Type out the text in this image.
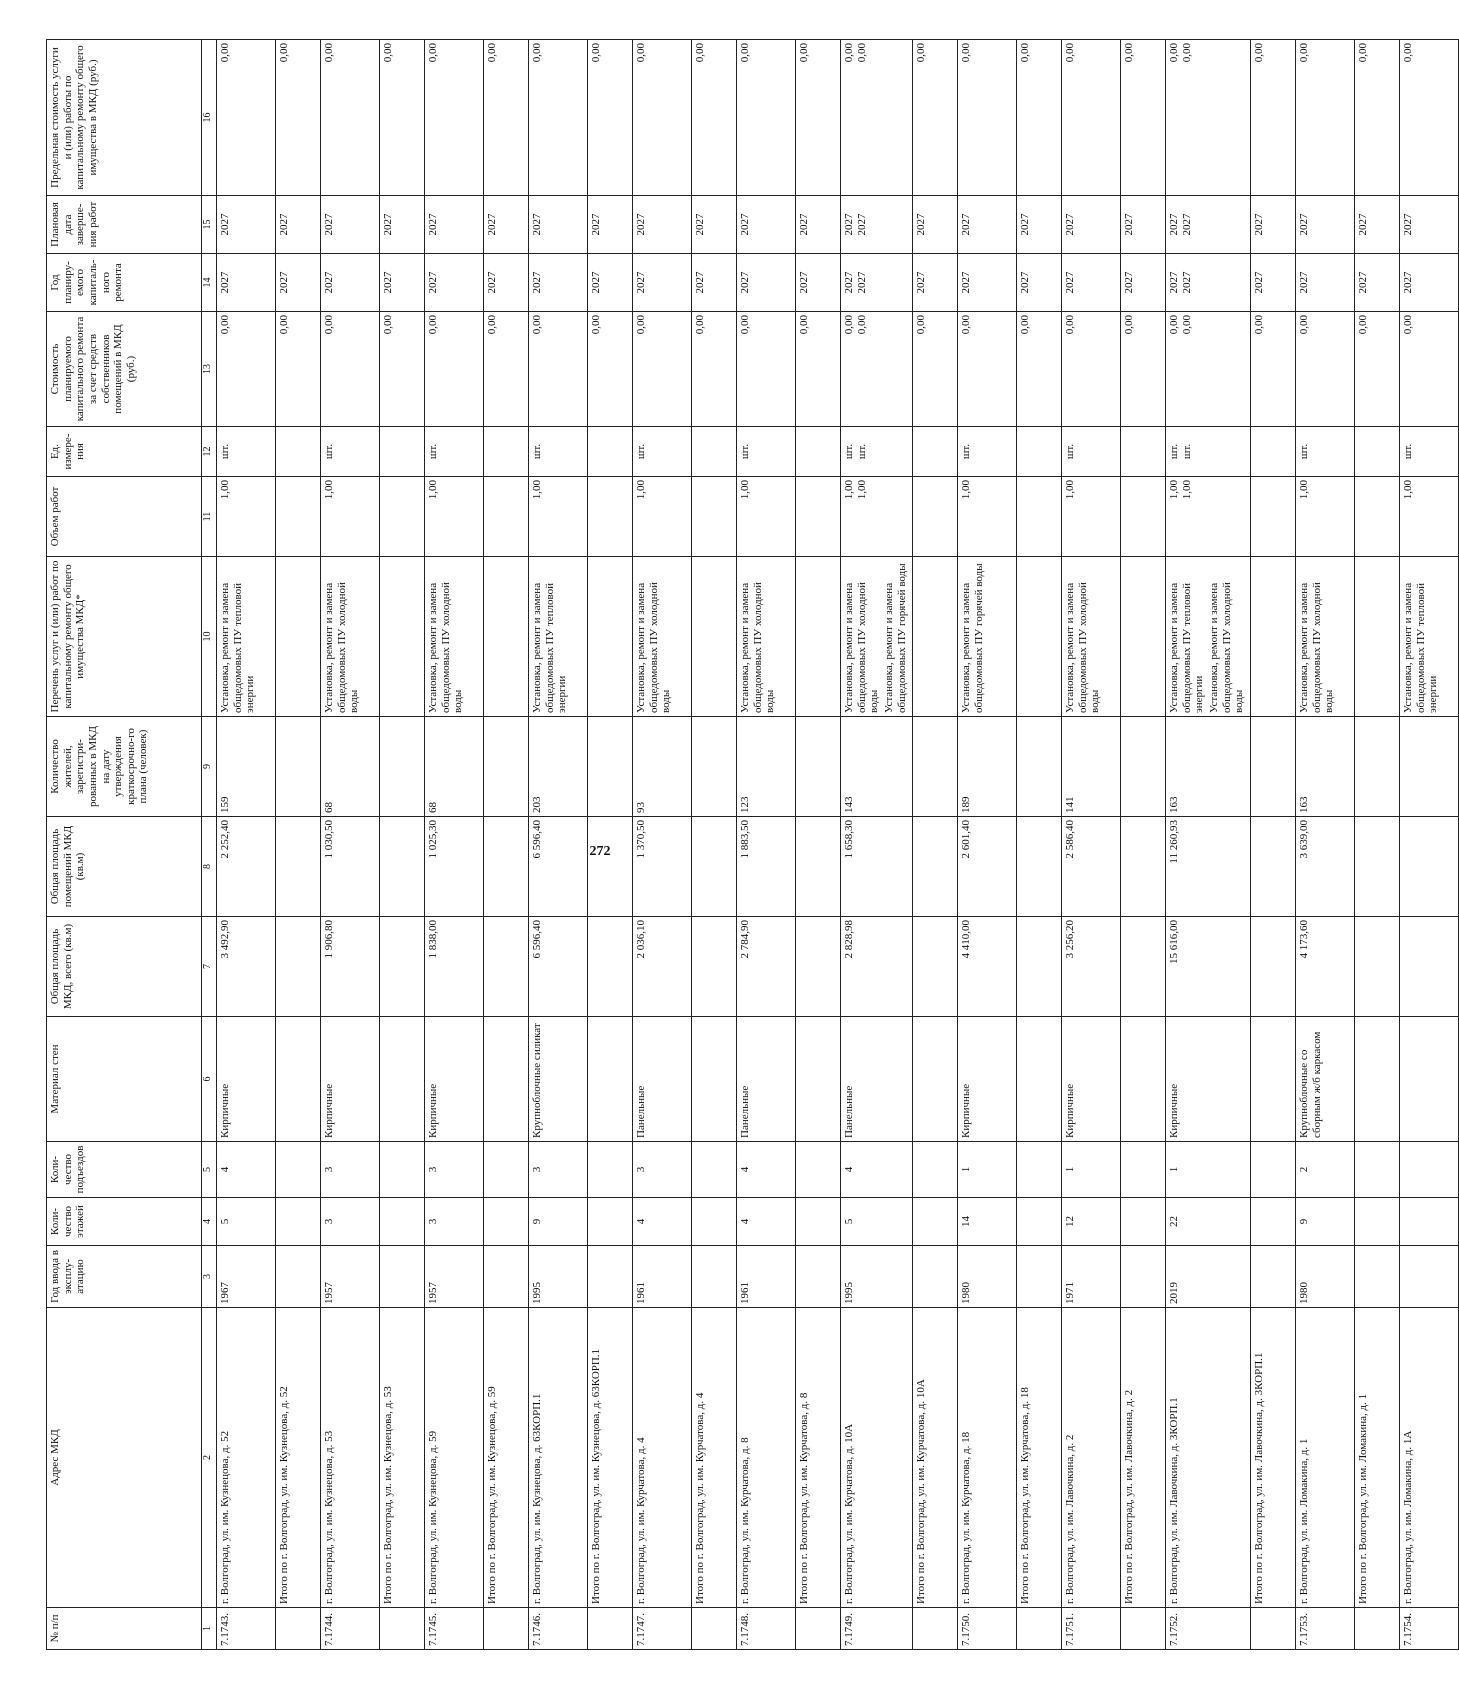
272
№ п/п	Адрес МКД	Год ввода в эксплу-атацию	Коли-чество этажей	Коли-чество подъездов	Материал стен	Общая площадь МКД, всего (кв.м)	Общая площадь помещений МКД (кв.м)	Количество жителей, зарегистри-рованных в МКД на дату утверждения краткосрочно-го плана (человек)	Перечень услуг и (или) работ по капитальному ремонту общего имущества МКД*	Объем работ	Ед. измере-ния	Стоимость планируемого капитального ремонта за счет средств собственников помещений в МКД (руб.)	Год планиру-емого капиталь-ного ремонта	Плановая дата заверше-ния работ	Предельная стоимость услуги и (или) работы по капитальному ремонту общего имущества в МКД (руб.)
1	2	3	4	5	6	7	8	9	10	11	12	13	14	15	16
7.1743.	г. Волгоград, ул. им. Кузнецова, д. 52	1967	5	4	Кирпичные	3 492,90	2 252,40	159	Установка, ремонт и замена общедомовых ПУ тепловой энергии	1,00	шт.	0,00	2027	2027	0,00
	Итого по г. Волгоград, ул. им. Кузнецова, д. 52											0,00	2027	2027	0,00
7.1744.	г. Волгоград, ул. им. Кузнецова, д. 53	1957	3	3	Кирпичные	1 906,80	1 030,50	68	Установка, ремонт и замена общедомовых ПУ холодной воды	1,00	шт.	0,00	2027	2027	0,00
	Итого по г. Волгоград, ул. им. Кузнецова, д. 53											0,00	2027	2027	0,00
7.1745.	г. Волгоград, ул. им. Кузнецова, д. 59	1957	3	3	Кирпичные	1 838,00	1 025,30	68	Установка, ремонт и замена общедомовых ПУ холодной воды	1,00	шт.	0,00	2027	2027	0,00
	Итого по г. Волгоград, ул. им. Кузнецова, д. 59											0,00	2027	2027	0,00
7.1746.	г. Волгоград, ул. им. Кузнецова, д. 63КОРП.1	1995	9	3	Крупноблочные силикат	6 596,40	6 596,40	203	Установка, ремонт и замена общедомовых ПУ тепловой энергии	1,00	шт.	0,00	2027	2027	0,00
	Итого по г. Волгоград, ул. им. Кузнецова, д. 63КОРП.1											0,00	2027	2027	0,00
7.1747.	г. Волгоград, ул. им. Курчатова, д. 4	1961	4	3	Панельные	2 036,10	1 370,50	93	Установка, ремонт и замена общедомовых ПУ холодной воды	1,00	шт.	0,00	2027	2027	0,00
	Итого по г. Волгоград, ул. им. Курчатова, д. 4											0,00	2027	2027	0,00
7.1748.	г. Волгоград, ул. им. Курчатова, д. 8	1961	4	4	Панельные	2 784,90	1 883,50	123	Установка, ремонт и замена общедомовых ПУ холодной воды	1,00	шт.	0,00	2027	2027	0,00
	Итого по г. Волгоград, ул. им. Курчатова, д. 8											0,00	2027	2027	0,00
7.1749.	г. Волгоград, ул. им. Курчатова, д. 10А	1995	5	4	Панельные	2 828,98	1 658,30	143	Установка, ремонт и замена общедомовых ПУ холодной воды Установка, ремонт и замена общедомовых ПУ горячей воды	1,00 1,00	шт. шт.	0,00 0,00	2027 2027	2027 2027	0,00 0,00

	Итого по г. Волгоград, ул. им. Курчатова, д. 10А											0,00	2027	2027	0,00
7.1750.	г. Волгоград, ул. им. Курчатова, д. 18	1980	14	1	Кирпичные	4 410,00	2 601,40	189	Установка, ремонт и замена общедомовых ПУ горячей воды	1,00	шт.	0,00	2027	2027	0,00
	Итого по г. Волгоград, ул. им. Курчатова, д. 18											0,00	2027	2027	0,00
7.1751.	г. Волгоград, ул. им. Лавочкина, д. 2	1971	12	1	Кирпичные	3 256,20	2 586,40	141	Установка, ремонт и замена общедомовых ПУ холодной воды	1,00	шт.	0,00	2027	2027	0,00
	Итого по г. Волгоград, ул. им. Лавочкина, д. 2											0,00	2027	2027	0,00
7.1752.	г. Волгоград, ул. им. Лавочкина, д. 3КОРП.1	2019	22	1	Кирпичные	15 616,00	11 260,93	163	Установка, ремонт и замена общедомовых ПУ тепловой энергии Установка, ремонт и замена общедомовых ПУ холодной воды	1,00 1,00	шт. шт.	0,00 0,00	2027 2027	2027 2027	0,00 0,00

	Итого по г. Волгоград, ул. им. Лавочкина, д. 3КОРП.1											0,00	2027	2027	0,00
7.1753.	г. Волгоград, ул. им. Ломакина, д. 1	1980	9	2	Крупноблочные со сборным ж/б каркасом	4 173,60	3 639,00	163	Установка, ремонт и замена общедомовых ПУ холодной воды	1,00	шт.	0,00	2027	2027	0,00
	Итого по г. Волгоград, ул. им. Ломакина, д. 1											0,00	2027	2027	0,00
7.1754.	г. Волгоград, ул. им. Ломакина, д. 1А								Установка, ремонт и замена общедомовых ПУ тепловой энергии	1,00	шт.	0,00	2027	2027	0,00
